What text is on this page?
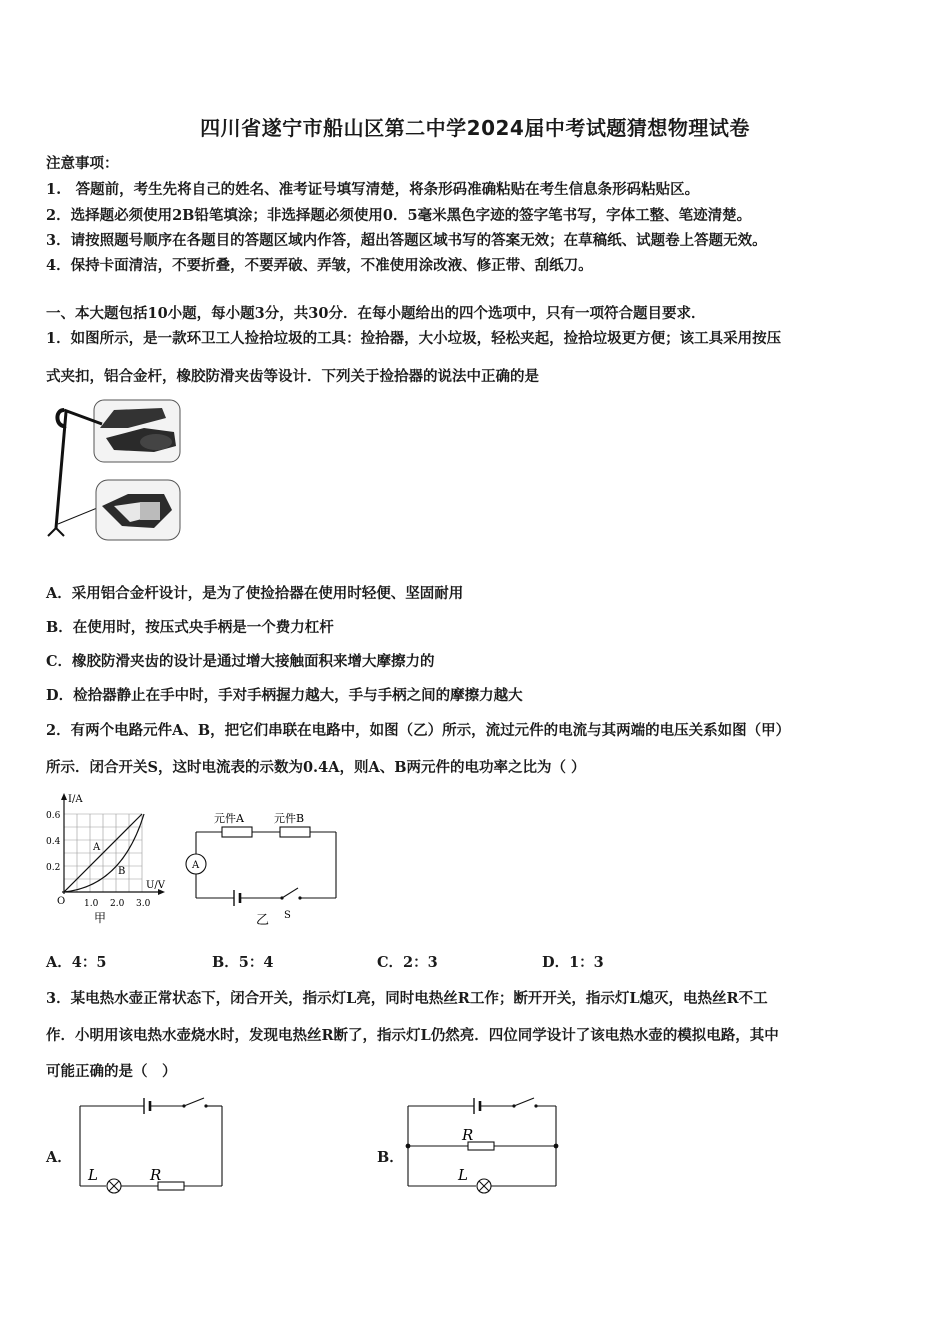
四川省遂宁市船山区第二中学2024届中考试题猜想物理试卷
注意事项：
1.　答题前，考生先将自己的姓名、准考证号填写清楚，将条形码准确粘贴在考生信息条形码粘贴区。
2．选择题必须使用2B铅笔填涂；非选择题必须使用0．5毫米黑色字迹的签字笔书写，字体工整、笔迹清楚。
3．请按照题号顺序在各题目的答题区域内作答，超出答题区域书写的答案无效；在草稿纸、试题卷上答题无效。
4．保持卡面清洁，不要折叠，不要弄破、弄皱，不准使用涂改液、修正带、刮纸刀。
一、本大题包括10小题，每小题3分，共30分．在每小题给出的四个选项中，只有一项符合题目要求．
1．如图所示，是一款环卫工人捡拾垃圾的工具：捡拾器，大小垃圾，轻松夹起，捡拾垃圾更方便；该工具采用按压
式夹扣，铝合金杆，橡胶防滑夹齿等设计．下列关于捡拾器的说法中正确的是
A．采用铝合金杆设计，是为了使捡拾器在使用时轻便、坚固耐用
B．在使用时，按压式央手柄是一个费力杠杆
C．橡胶防滑夹齿的设计是通过增大接触面积来增大摩擦力的
D．检拾器静止在手中时，手对手柄握力越大，手与手柄之间的摩擦力越大
2．有两个电路元件A、B，把它们串联在电路中，如图（乙）所示，流过元件的电流与其两端的电压关系如图（甲）
所示．闭合开关S，这时电流表的示数为0.4A，则A、B两元件的电功率之比为（ ）
I/A
U/V
0.6
0.4
0.2
O 1.0 2.0 3.0
A
B
甲
元件A	元件B
A
S
乙
A．4：5	B．5：4	C．2：3	D．1：3
3．某电热水壶正常状态下，闭合开关，指示灯L亮，同时电热丝R工作；断开开关，指示灯L熄灭，电热丝R不工
作．小明用该电热水壶烧水时，发现电热丝R断了，指示灯L仍然亮．四位同学设计了该电热水壶的模拟电路，其中
可能正确的是（　）
A．
L	R
B．
R
L
